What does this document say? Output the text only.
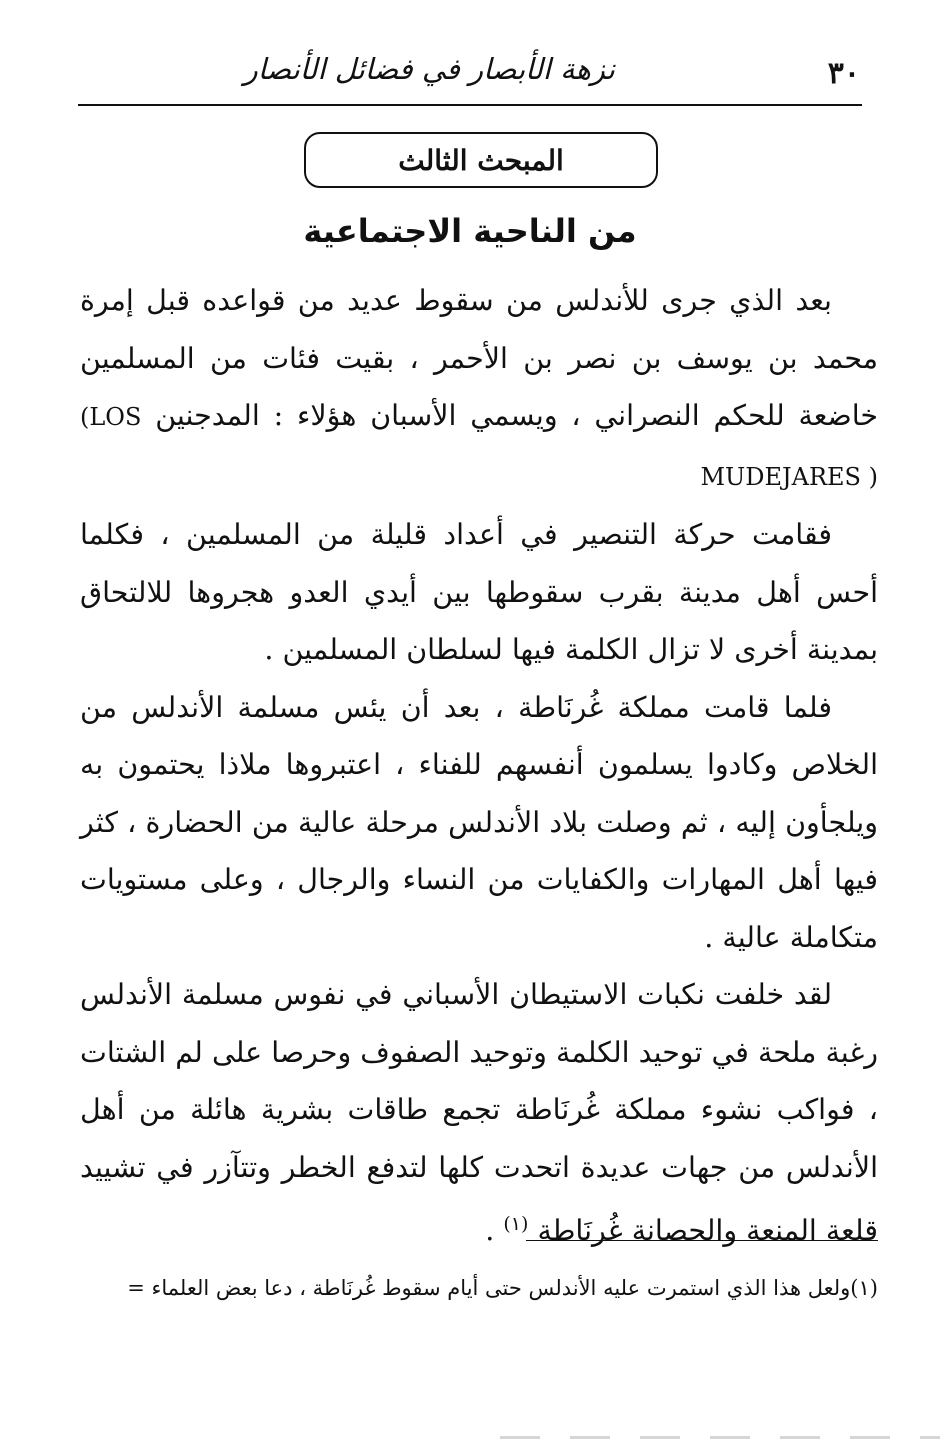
٣٠
نزهة الأبصار في فضائل الأنصار
المبحث الثالث
من الناحية الاجتماعية

بعد الذي جرى للأندلس من سقوط عديد من قواعده قبل إمرة محمد بن يوسف بن نصر بن الأحمر ، بقيت فئات من المسلمين خاضعة للحكم النصراني ، ويسمي الأسبان هؤلاء : المدجنين (LOS MUDEJARES )

فقامت حركة التنصير في أعداد قليلة من المسلمين ، فكلما أحس أهل مدينة بقرب سقوطها بين أيدي العدو هجروها للالتحاق بمدينة أخرى لا تزال الكلمة فيها لسلطان المسلمين .

فلما قامت مملكة غُرنَاطة ، بعد أن يئس مسلمة الأندلس من الخلاص وكادوا يسلمون أنفسهم للفناء ، اعتبروها ملاذا يحتمون به ويلجأون إليه ، ثم وصلت بلاد الأندلس مرحلة عالية من الحضارة ، كثر فيها أهل المهارات والكفايات من النساء والرجال ، وعلى مستويات متكاملة عالية .

لقد خلفت نكبات الاستيطان الأسباني في نفوس مسلمة الأندلس رغبة ملحة في توحيد الكلمة وتوحيد الصفوف وحرصا على لم الشتات ، فواكب نشوء مملكة غُرنَاطة تجمع طاقات بشرية هائلة من أهل الأندلس من جهات عديدة اتحدت كلها لتدفع الخطر وتتآزر في تشييد قلعة المنعة والحصانة غُرنَاطة $^{(١)}$ .

(١)ولعل هذا الذي استمرت عليه الأندلس حتى أيام سقوط غُرنَاطة ، دعا بعض العلماء =
